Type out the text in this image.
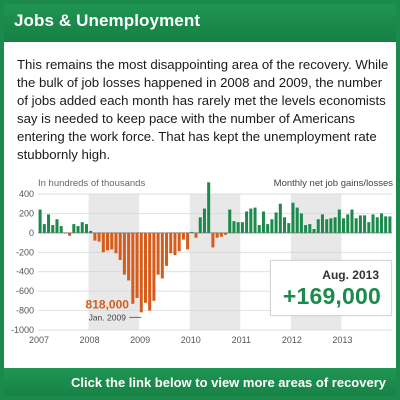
Jobs & Unemployment
This remains the most disappointing area of the recovery. While the bulk of job losses happened in 2008 and 2009, the number of jobs added each month has rarely met the levels economists say is needed to keep pace with the number of Americans entering the work force. That has kept the unemployment rate stubbornly high.
400
200
0
-200
-400
-600
-800
-1000
2007	2008	2009	2010	2011	2012	2013
818,000
Jan. 2009
In hundreds of thousands	Monthly net job gains/losses
Aug. 2013
+169,000
Click the link below to view more areas of recovery
